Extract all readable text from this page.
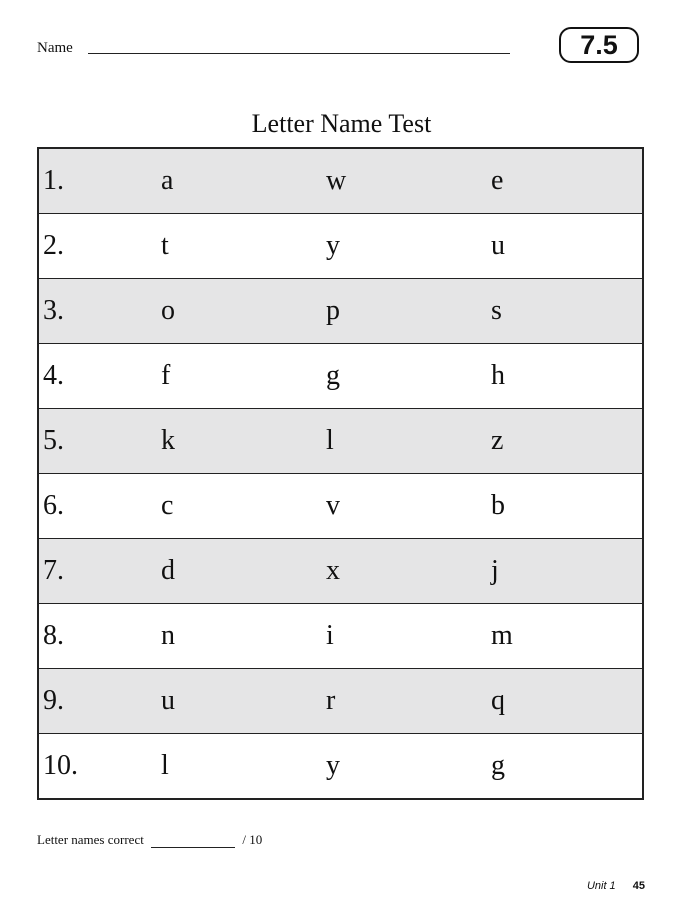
Name	7.5
Letter Name Test
1.	a	w	e
2.	t	y	u
3.	o	p	s
4.	f	g	h
5.	k	l	z
6.	c	v	b
7.	d	x	j
8.	n	i	m
9.	u	r	q
10.	l	y	g
Letter names correct	/ 10
Unit 1 45
